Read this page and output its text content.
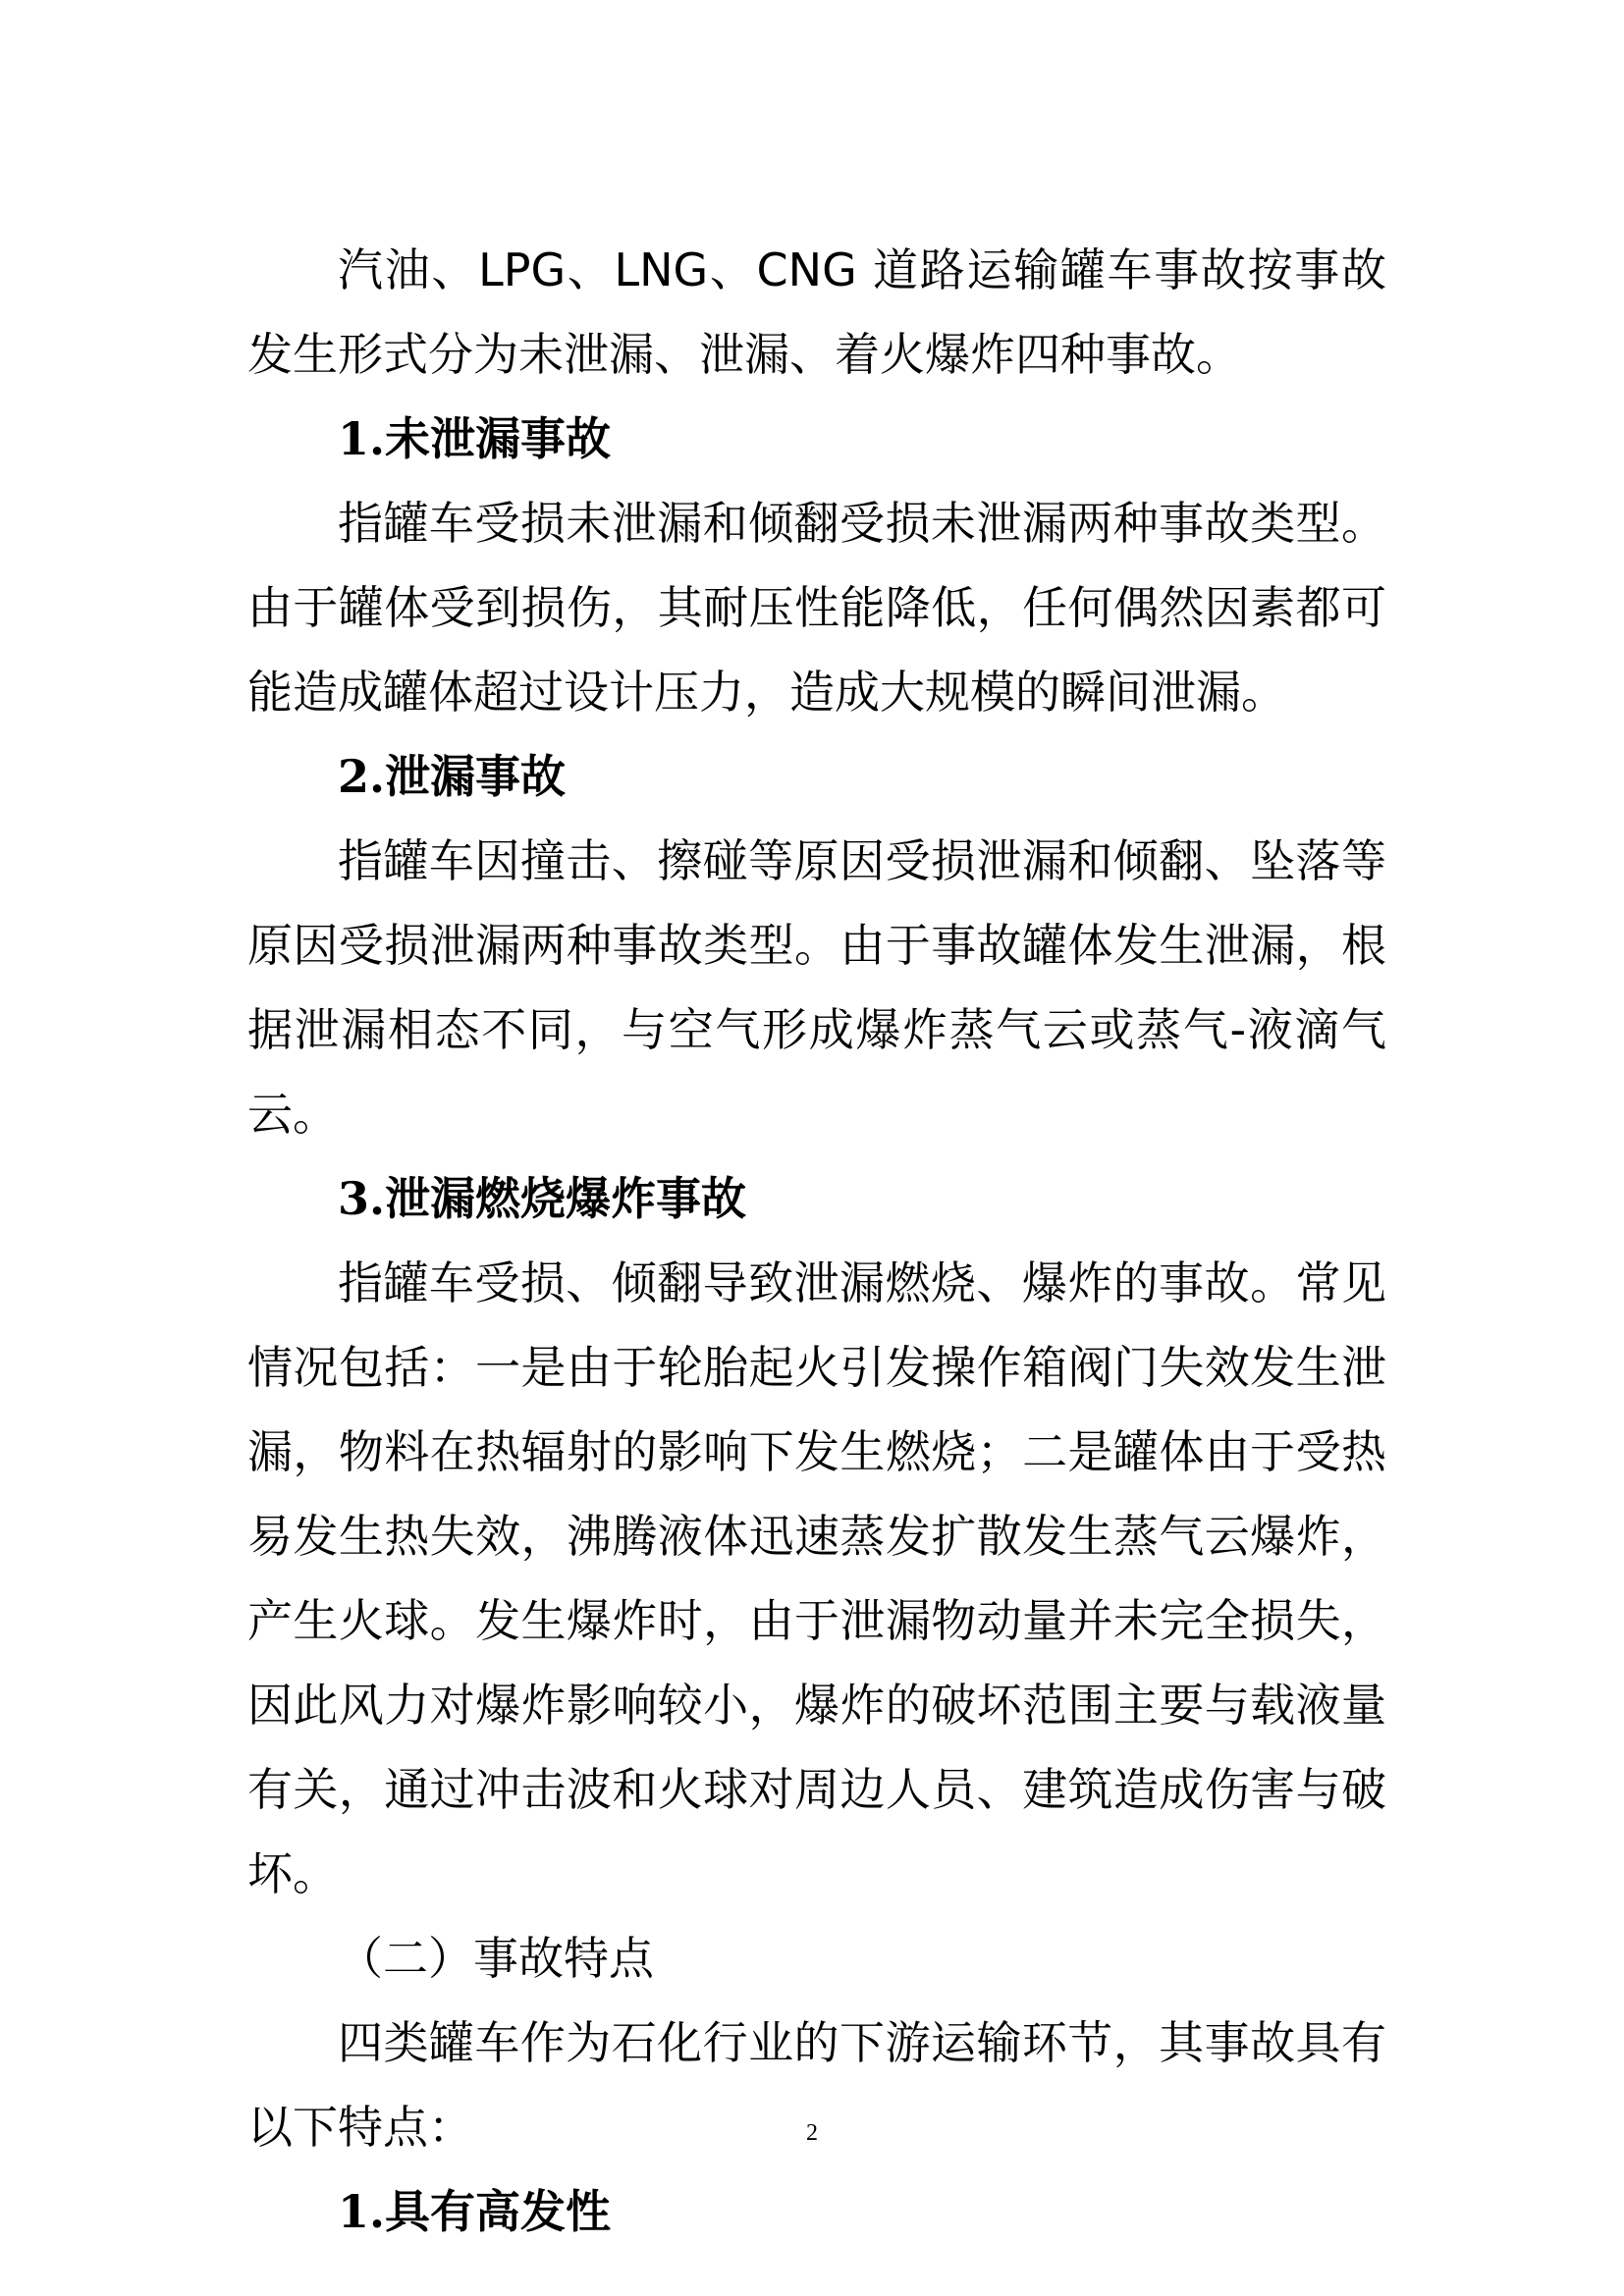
汽油、LPG、LNG、CNG 道路运输罐车事故按事故发生形式分为未泄漏、泄漏、着火爆炸四种事故。

1.未泄漏事故

指罐车受损未泄漏和倾翻受损未泄漏两种事故类型。由于罐体受到损伤，其耐压性能降低，任何偶然因素都可能造成罐体超过设计压力，造成大规模的瞬间泄漏。

2.泄漏事故

指罐车因撞击、擦碰等原因受损泄漏和倾翻、坠落等原因受损泄漏两种事故类型。由于事故罐体发生泄漏，根据泄漏相态不同，与空气形成爆炸蒸气云或蒸气-液滴气云。

3.泄漏燃烧爆炸事故

指罐车受损、倾翻导致泄漏燃烧、爆炸的事故。常见情况包括：一是由于轮胎起火引发操作箱阀门失效发生泄漏，物料在热辐射的影响下发生燃烧；二是罐体由于受热易发生热失效，沸腾液体迅速蒸发扩散发生蒸气云爆炸，产生火球。发生爆炸时，由于泄漏物动量并未完全损失，因此风力对爆炸影响较小，爆炸的破坏范围主要与载液量有关，通过冲击波和火球对周边人员、建筑造成伤害与破坏。

（二）事故特点

四类罐车作为石化行业的下游运输环节，其事故具有以下特点：

1.具有高发性

2
